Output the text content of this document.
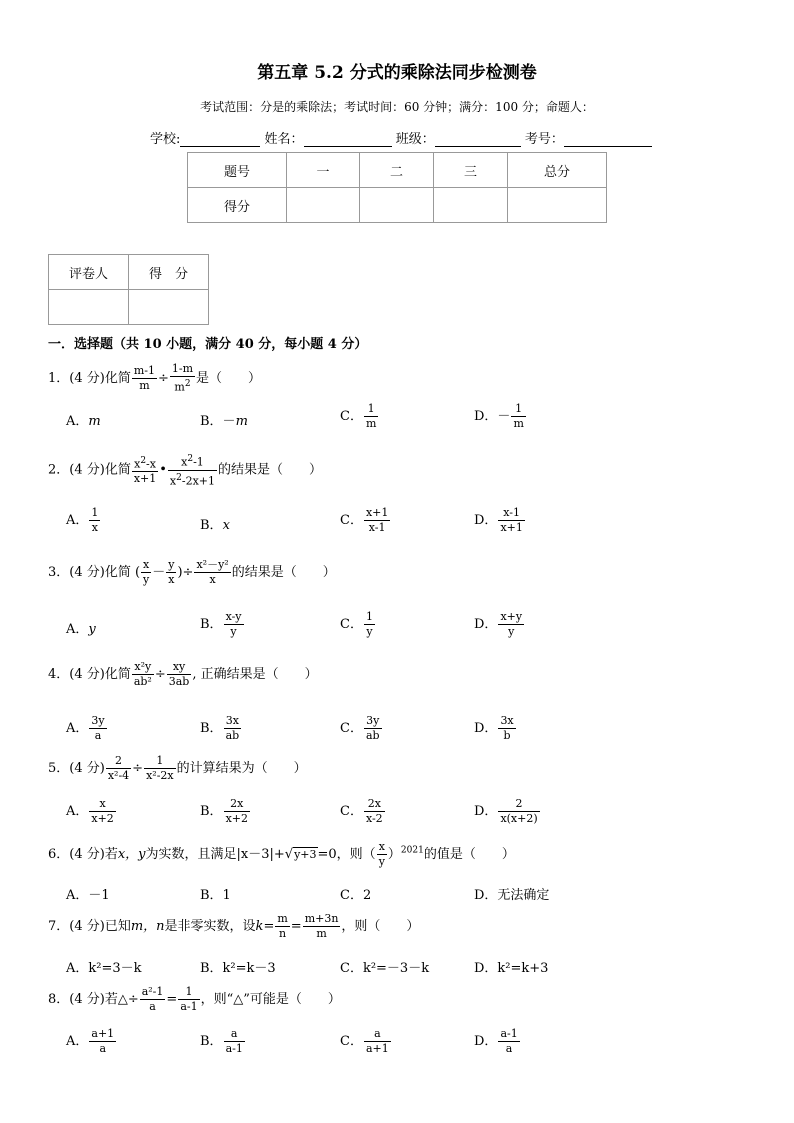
第五章 5.2 分式的乘除法同步检测卷
考试范围：分是的乘除法；考试时间：60 分钟；满分：100 分；命题人：
学校:	姓名：	班级：	考号：
题号	一	二	三	总分
得分				
评卷人	得　分

一．选择题（共 10 小题，满分 40 分，每小题 4 分）
1．(4 分)化简 $\frac{m-1}{m} \div \frac{1-m}{m^2}$ 是（　　）
A．m	B．－m	C． $\frac{1}{m}$	D．－ $\frac{1}{m}$
2．(4 分)化简 $\frac{x^2-x}{x+1}$ • $\frac{x^2-1}{x^2-2x+1}$ 的结果是（　　）
A． $\frac{1}{x}$	B．x	C． $\frac{x+1}{x-1}$	D． $\frac{x-1}{x+1}$
3．(4 分)化简 ( $\frac{x}{y} - \frac{y}{x}$ )÷ $\frac{\text{x²－y²}}{x}$ 的结果是（　　）
A．y	B． $\frac{x-y}{y}$	C． $\frac{1}{y}$	D． $\frac{x+y}{y}$
4．(4 分)化简 $\frac{\text{x²y}}{\text{ab²}} \div \frac{xy}{3ab}$ , 正确结果是（　　）
A． $\frac{3y}{a}$	B． $\frac{3x}{ab}$	C． $\frac{3y}{ab}$	D． $\frac{3x}{b}$
5．(4 分) $\frac{2}{\text{x²-4}} \div \frac{1}{\text{x²-2x}}$ 的计算结果为（　　）
A． $\frac{x}{x+2}$	B． $\frac{2x}{x+2}$	C． $\frac{2x}{x-2}$	D． $\frac{2}{x(x+2)}$
6．(4 分)若x，y为实数，且满足|x－3|+√y+3=0，则（ $\frac{x}{y} )^{2021}$的值是（　　）
A．－1	B．1	C．2	D．无法确定
7．(4 分)已知m，n是非零实数，设$k= \frac{m}{n} = \frac{m+3n}{m}$ ，则（　　）
A．k²=3－k	B．k²=k－3	C．k²=－3－k	D．k²=k+3
8．(4 分)若△÷ $\frac{\text{a²-1}}{a} = \frac{1}{a-1}$ ，则“△”可能是（　　）
A． $\frac{a+1}{a}$	B． $\frac{a}{a-1}$	C． $\frac{a}{a+1}$	D． $\frac{a-1}{a}$
